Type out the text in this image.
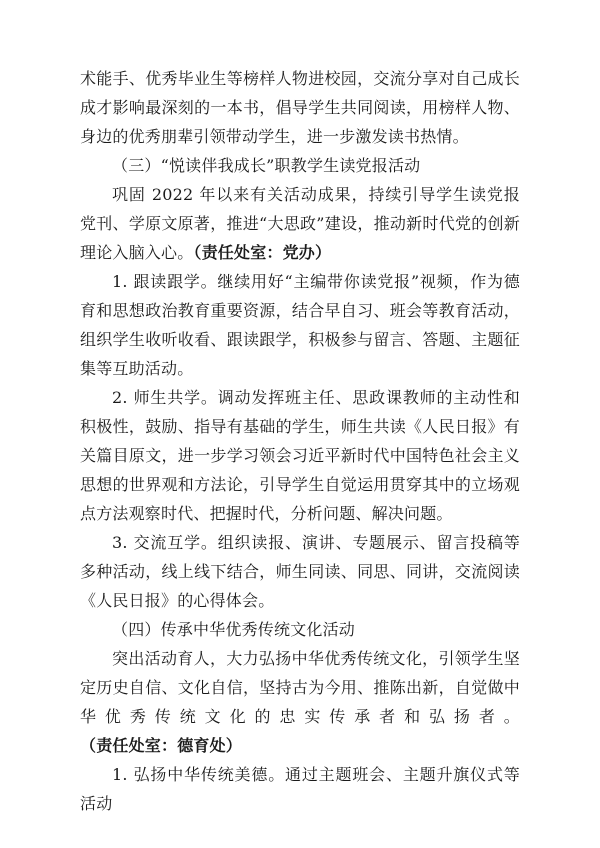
术能手、优秀毕业生等榜样人物进校园，交流分享对自己成长成才影响最深刻的一本书，倡导学生共同阅读，用榜样人物、身边的优秀朋辈引领带动学生，进一步激发读书热情。

（三）“悦读伴我成长”职教学生读党报活动

巩固 2022 年以来有关活动成果，持续引导学生读党报党刊、学原文原著，推进“大思政”建设，推动新时代党的创新理论入脑入心。（责任处室：党办）

1. 跟读跟学。继续用好“主编带你读党报”视频，作为德育和思想政治教育重要资源，结合早自习、班会等教育活动，组织学生收听收看、跟读跟学，积极参与留言、答题、主题征集等互助活动。

2. 师生共学。调动发挥班主任、思政课教师的主动性和积极性，鼓励、指导有基础的学生，师生共读《人民日报》有关篇目原文，进一步学习领会习近平新时代中国特色社会主义思想的世界观和方法论，引导学生自觉运用贯穿其中的立场观点方法观察时代、把握时代，分析问题、解决问题。

3. 交流互学。组织读报、演讲、专题展示、留言投稿等多种活动，线上线下结合，师生同读、同思、同讲，交流阅读《人民日报》的心得体会。

（四）传承中华优秀传统文化活动

突出活动育人，大力弘扬中华优秀传统文化，引领学生坚定历史自信、文化自信，坚持古为今用、推陈出新，自觉做中华优秀传统文化的忠实传承者和弘扬者。（责任处室：德育处）

1. 弘扬中华传统美德。通过主题班会、主题升旗仪式等活动
